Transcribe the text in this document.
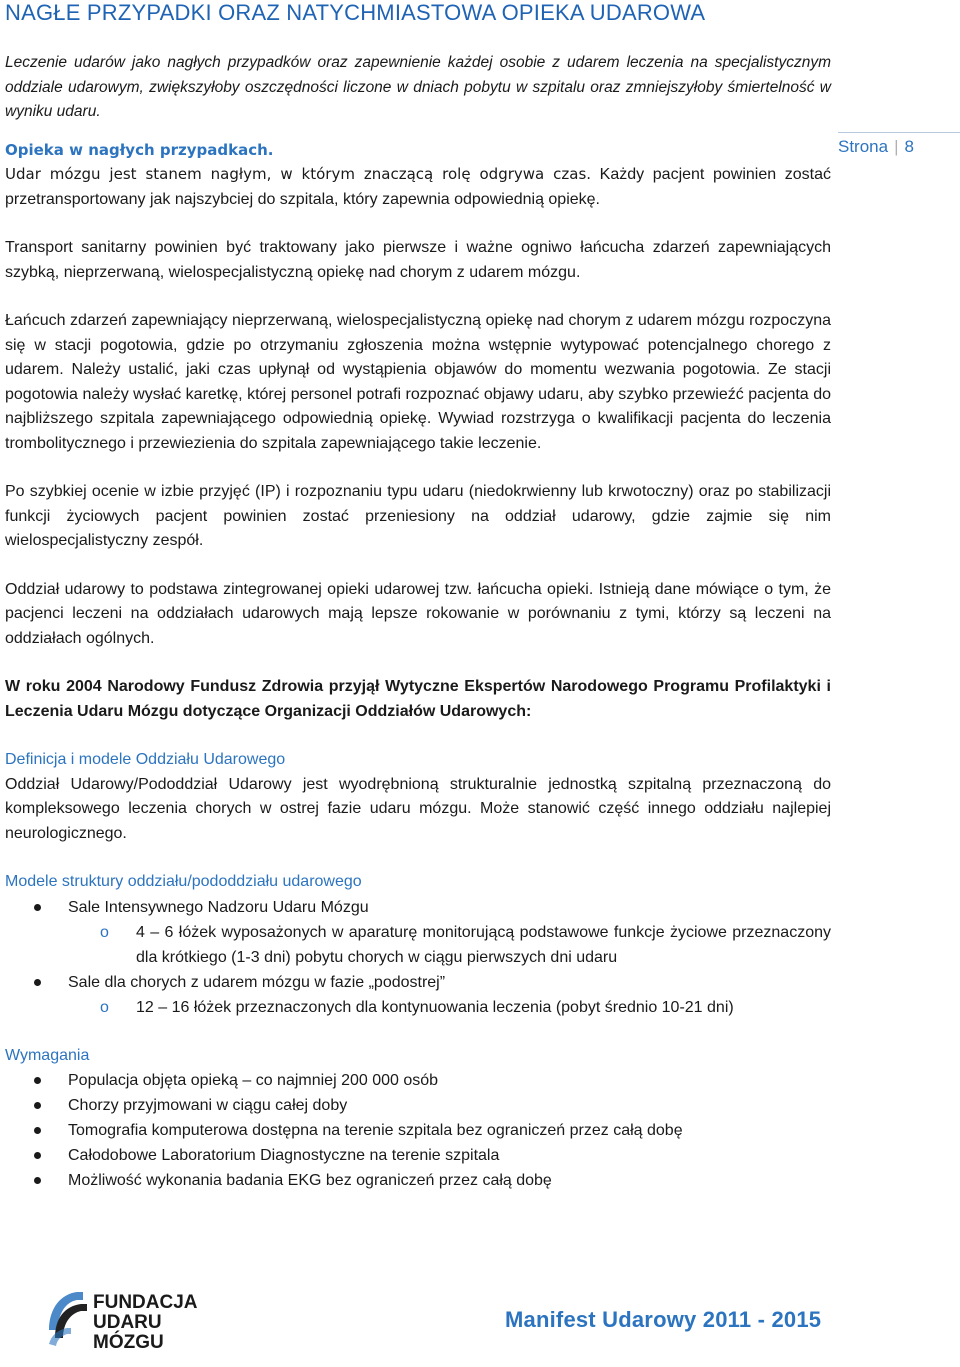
NAGŁE PRZYPADKI ORAZ NATYCHMIASTOWA OPIEKA UDAROWA
Strona | 8

Leczenie udarów jako nagłych przypadków oraz zapewnienie każdej osobie z udarem leczenia na specjalistycznym oddziale udarowym, zwiększyłoby oszczędności liczone w dniach pobytu w szpitalu oraz zmniejszyłoby śmiertelność w wyniku udaru.

Opieka w nagłych przypadkach.

Udar mózgu jest stanem nagłym, w którym znaczącą rolę odgrywa czas. Każdy pacjent powinien zostać przetransportowany jak najszybciej do szpitala, który zapewnia odpowiednią opiekę.

Transport sanitarny powinien być traktowany jako pierwsze i ważne ogniwo łańcucha zdarzeń zapewniających szybką, nieprzerwaną, wielospecjalistyczną opiekę nad chorym z udarem mózgu.

Łańcuch zdarzeń zapewniający nieprzerwaną, wielospecjalistyczną opiekę nad chorym z udarem mózgu rozpoczyna się w stacji pogotowia, gdzie po otrzymaniu zgłoszenia można wstępnie wytypować potencjalnego chorego z udarem. Należy ustalić, jaki czas upłynął od wystąpienia objawów do momentu wezwania pogotowia. Ze stacji pogotowia należy wysłać karetkę, której personel potrafi rozpoznać objawy udaru, aby szybko przewieźć pacjenta do najbliższego szpitala zapewniającego odpowiednią opiekę. Wywiad rozstrzyga o kwalifikacji pacjenta do leczenia trombolitycznego i przewiezienia do szpitala zapewniającego takie leczenie.

Po szybkiej ocenie w izbie przyjęć (IP) i rozpoznaniu typu udaru (niedokrwienny lub krwotoczny) oraz po stabilizacji funkcji życiowych pacjent powinien zostać przeniesiony na oddział udarowy, gdzie zajmie się nim wielospecjalistyczny zespół.

Oddział udarowy to podstawa zintegrowanej opieki udarowej tzw. łańcucha opieki. Istnieją dane mówiące o tym, że pacjenci leczeni na oddziałach udarowych mają lepsze rokowanie w porównaniu z tymi, którzy są leczeni na oddziałach ogólnych.

W roku 2004 Narodowy Fundusz Zdrowia przyjął Wytyczne Ekspertów Narodowego Programu Profilaktyki i Leczenia Udaru Mózgu dotyczące Organizacji Oddziałów Udarowych:

Definicja i modele Oddziału Udarowego

Oddział Udarowy/Pododdział Udarowy jest wyodrębnioną strukturalnie jednostką szpitalną przeznaczoną do kompleksowego leczenia chorych w ostrej fazie udaru mózgu. Może stanowić część innego oddziału najlepiej neurologicznego.

Modele struktury oddziału/pododdziału udarowego

Sale Intensywnego Nadzoru Udaru Mózgu
o 4 – 6 łóżek wyposażonych w aparaturę monitorującą podstawowe funkcje życiowe przeznaczony dla krótkiego (1-3 dni) pobytu chorych w ciągu pierwszych dni udaru
Sale dla chorych z udarem mózgu w fazie „podostrej”
o 12 – 16 łóżek przeznaczonych dla kontynuowania leczenia (pobyt średnio 10-21 dni)

Wymagania

Populacja objęta opieką – co najmniej 200 000 osób
Chorzy przyjmowani w ciągu całej doby
Tomografia komputerowa dostępna na terenie szpitala bez ograniczeń przez całą dobę
Całodobowe Laboratorium Diagnostyczne na terenie szpitala
Możliwość wykonania badania EKG bez ograniczeń przez całą dobę
FUNDACJA
UDARU
MÓZGU
Manifest Udarowy 2011 - 2015
